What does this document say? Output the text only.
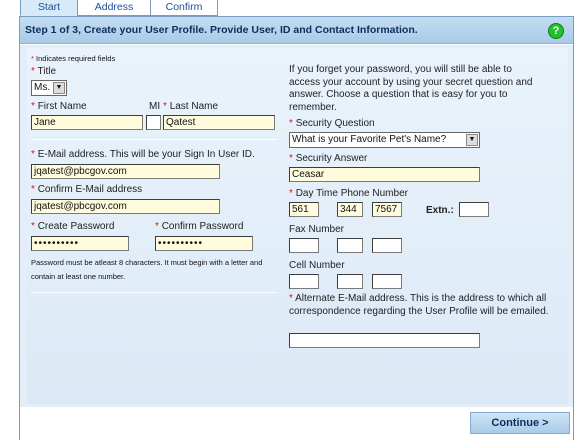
Start	Address	Confirm
Step 1 of 3, Create your User Profile. Provide User, ID and Contact Information.	?
* Indicates required fields
* Title
Ms. ▼
* First Name
Jane
MI * Last Name
Qatest
* E-Mail address. This will be your Sign In User ID.
jqatest@pbcgov.com
* Confirm E-Mail address
jqatest@pbcgov.com
* Create Password
••••••••••
* Confirm Password
••••••••••
Password must be atleast 8 characters. It must begin with a letter and contain at least one number.
If you forget your password, you will still be able to access your account by using your secret question and answer. Choose a question that is easy for you to remember.
* Security Question
What is your Favorite Pet's Name?	▼
* Security Answer
Ceasar
* Day Time Phone Number
561	344	7567	Extn.:
Fax Number
Cell Number
* Alternate E-Mail address. This is the address to which all correspondence regarding the User Profile will be emailed.
Continue >
